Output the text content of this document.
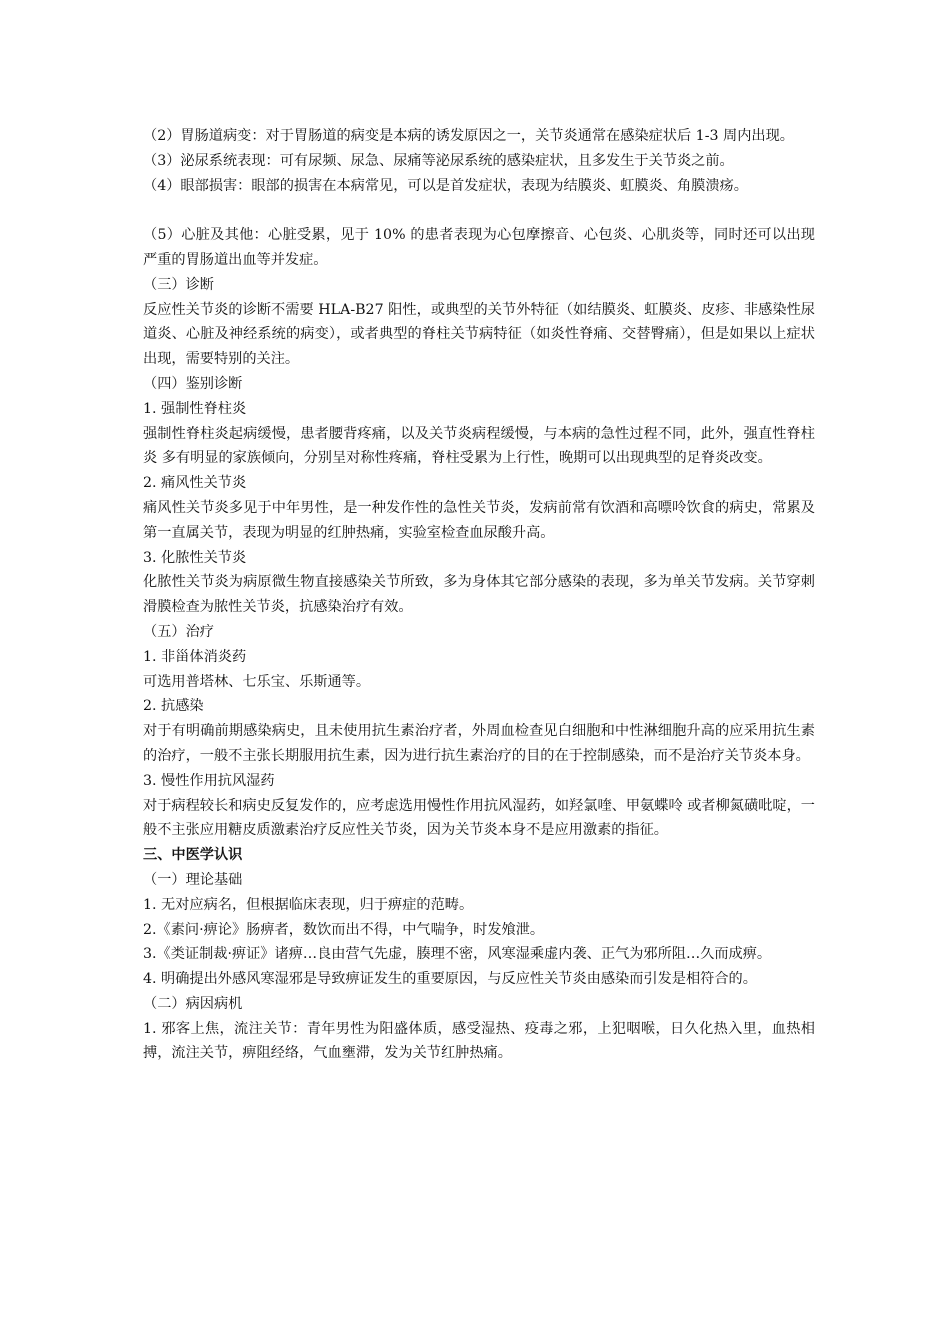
（2）胃肠道病变：对于胃肠道的病变是本病的诱发原因之一，关节炎通常在感染症状后 1-3 周内出现。

（3）泌尿系统表现：可有尿频、尿急、尿痛等泌尿系统的感染症状，且多发生于关节炎之前。

（4）眼部损害：眼部的损害在本病常见，可以是首发症状，表现为结膜炎、虹膜炎、角膜溃疡。

（5）心脏及其他：心脏受累，见于 10% 的患者表现为心包摩擦音、心包炎、心肌炎等，同时还可以出现严重的胃肠道出血等并发症。

（三）诊断

反应性关节炎的诊断不需要 HLA-B27 阳性，或典型的关节外特征（如结膜炎、虹膜炎、皮疹、非感染性尿道炎、心脏及神经系统的病变），或者典型的脊柱关节病特征（如炎性脊痛、交替臀痛），但是如果以上症状出现，需要特别的关注。

（四）鉴别诊断

1. 强制性脊柱炎

强制性脊柱炎起病缓慢，患者腰背疼痛，以及关节炎病程缓慢，与本病的急性过程不同，此外，强直性脊柱炎 多有明显的家族倾向，分别呈对称性疼痛，脊柱受累为上行性，晚期可以出现典型的足脊炎改变。

2. 痛风性关节炎

痛风性关节炎多见于中年男性，是一种发作性的急性关节炎，发病前常有饮酒和高嘌呤饮食的病史，常累及第一直属关节，表现为明显的红肿热痛，实验室检查血尿酸升高。

3. 化脓性关节炎

化脓性关节炎为病原微生物直接感染关节所致，多为身体其它部分感染的表现，多为单关节发病。关节穿刺滑膜检查为脓性关节炎，抗感染治疗有效。

（五）治疗

1. 非甾体消炎药

可选用普塔林、七乐宝、乐斯通等。

2. 抗感染

对于有明确前期感染病史，且未使用抗生素治疗者，外周血检查见白细胞和中性淋细胞升高的应采用抗生素的治疗，一般不主张长期服用抗生素，因为进行抗生素治疗的目的在于控制感染，而不是治疗关节炎本身。

3. 慢性作用抗风湿药

对于病程较长和病史反复发作的，应考虑选用慢性作用抗风湿药，如羟氯喹、甲氨蝶呤 或者柳氮磺吡啶，一般不主张应用糖皮质激素治疗反应性关节炎，因为关节炎本身不是应用激素的指征。

三、中医学认识

（一）理论基础

1. 无对应病名，但根据临床表现，归于痹症的范畴。

2.《素问·痹论》肠痹者，数饮而出不得，中气喘争，时发飧泄。

3.《类证制裁·痹证》诸痹…良由营气先虚，腠理不密，风寒湿乘虚内袭、正气为邪所阻…久而成痹。

4. 明确提出外感风寒湿邪是导致痹证发生的重要原因，与反应性关节炎由感染而引发是相符合的。

（二）病因病机

1. 邪客上焦，流注关节：青年男性为阳盛体质，感受湿热、疫毒之邪，上犯咽喉，日久化热入里，血热相搏，流注关节，痹阻经络，气血壅滞，发为关节红肿热痛。
